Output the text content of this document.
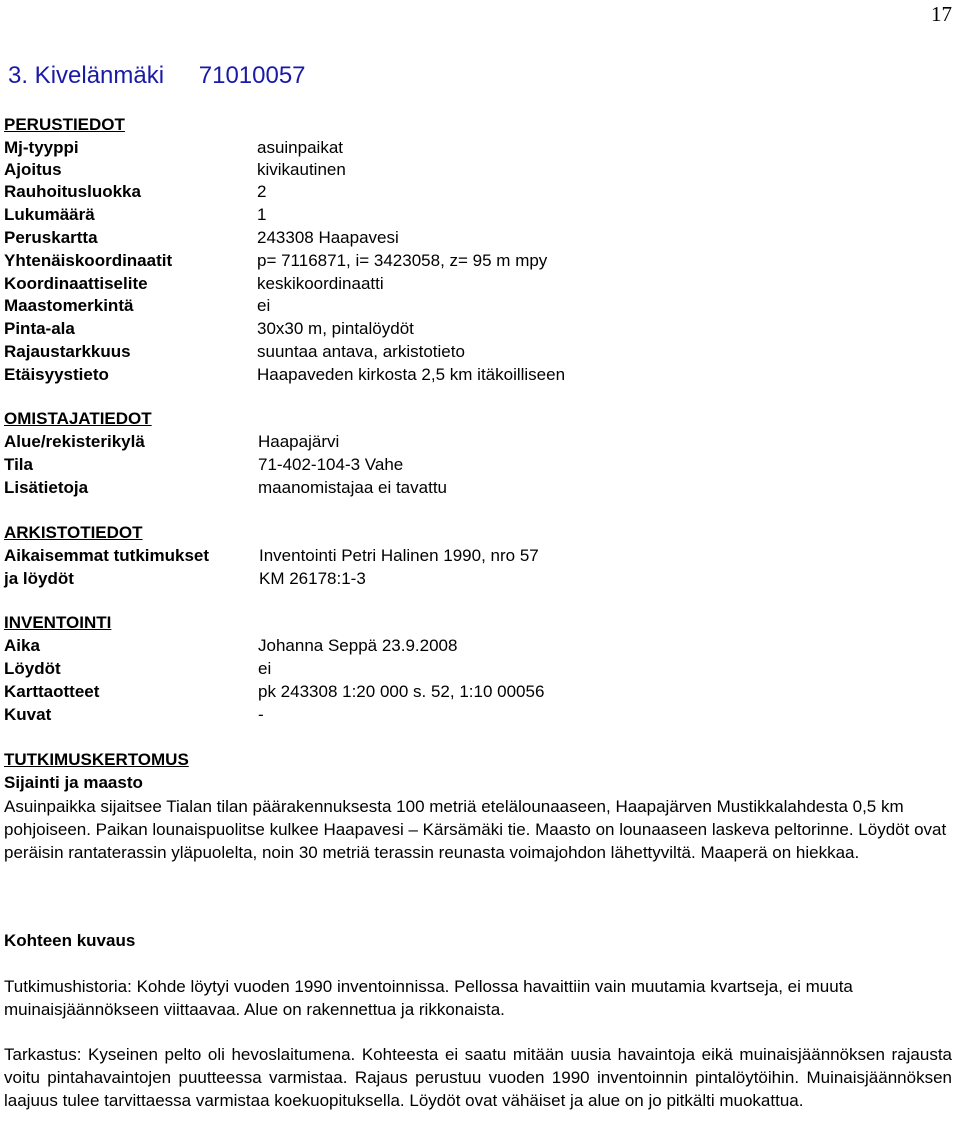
17
3. Kivelänmäki 71010057
PERUSTIEDOT
Mj-tyyppi	asuinpaikat
Ajoitus	kivikautinen
Rauhoitusluokka	2
Lukumäärä	1
Peruskartta	243308 Haapavesi
Yhtenäiskoordinaatit	p= 7116871, i= 3423058, z= 95 m mpy
Koordinaattiselite	keskikoordinaatti
Maastomerkintä	ei
Pinta-ala	30x30 m, pintalöydöt
Rajaustarkkuus	suuntaa antava, arkistotieto
Etäisyystieto	Haapaveden kirkosta 2,5 km itäkoilliseen
OMISTAJATIEDOT
Alue/rekisterikylä	Haapajärvi
Tila	71-402-104-3 Vahe
Lisätietoja	maanomistajaa ei tavattu
ARKISTOTIEDOT
Aikaisemmat tutkimukset	Inventointi Petri Halinen 1990, nro 57
ja löydöt	KM 26178:1-3
INVENTOINTI
Aika	Johanna Seppä 23.9.2008
Löydöt	ei
Karttaotteet	pk 243308 1:20 000 s. 52, 1:10 00056
Kuvat	-
TUTKIMUSKERTOMUS
Sijainti ja maasto
Asuinpaikka sijaitsee Tialan tilan päärakennuksesta 100 metriä etelälounaaseen, Haapajärven Mustikkalahdesta 0,5 km pohjoiseen. Paikan lounaispuolitse kulkee Haapavesi – Kärsämäki tie. Maasto on lounaaseen laskeva peltorinne. Löydöt ovat peräisin rantaterassin yläpuolelta, noin 30 metriä terassin reunasta voimajohdon lähettyviltä. Maaperä on hiekkaa.
Kohteen kuvaus
Tutkimushistoria: Kohde löytyi vuoden 1990 inventoinnissa. Pellossa havaittiin vain muutamia kvartseja, ei muuta muinaisjäännökseen viittaavaa. Alue on rakennettua ja rikkonaista.
Tarkastus: Kyseinen pelto oli hevoslaitumena. Kohteesta ei saatu mitään uusia havaintoja eikä muinaisjäännöksen rajausta voitu pintahavaintojen puutteessa varmistaa. Rajaus perustuu vuoden 1990 inventoinnin pintalöytöihin. Muinaisjäännöksen laajuus tulee tarvittaessa varmistaa koekuopituksella. Löydöt ovat vähäiset ja alue on jo pitkälti muokattua.
